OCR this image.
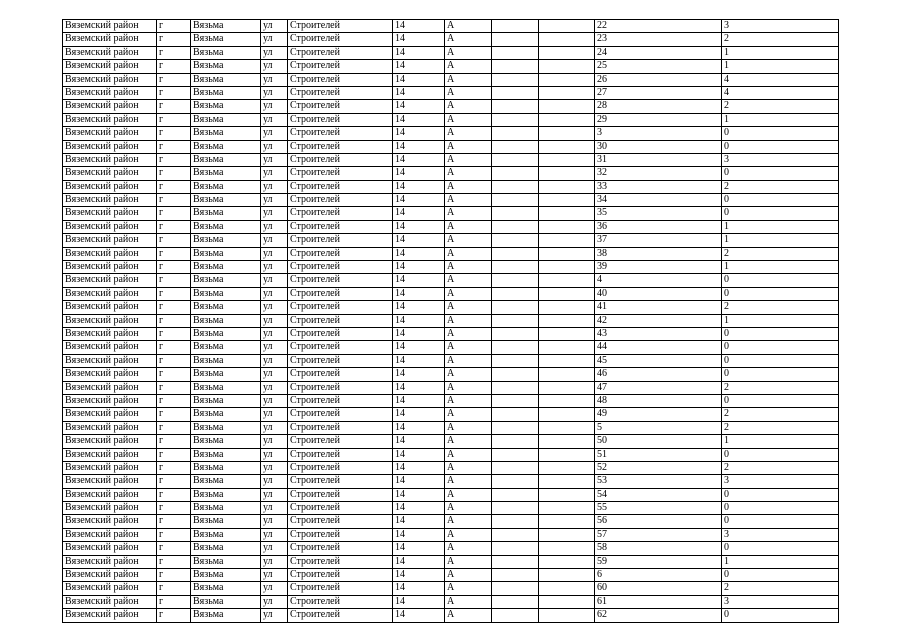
Вяземский район	г	Вязьма	ул	Строителей	14	А			22	3
Вяземский район	г	Вязьма	ул	Строителей	14	А			23	2
Вяземский район	г	Вязьма	ул	Строителей	14	А			24	1
Вяземский район	г	Вязьма	ул	Строителей	14	А			25	1
Вяземский район	г	Вязьма	ул	Строителей	14	А			26	4
Вяземский район	г	Вязьма	ул	Строителей	14	А			27	4
Вяземский район	г	Вязьма	ул	Строителей	14	А			28	2
Вяземский район	г	Вязьма	ул	Строителей	14	А			29	1
Вяземский район	г	Вязьма	ул	Строителей	14	А			3	0
Вяземский район	г	Вязьма	ул	Строителей	14	А			30	0
Вяземский район	г	Вязьма	ул	Строителей	14	А			31	3
Вяземский район	г	Вязьма	ул	Строителей	14	А			32	0
Вяземский район	г	Вязьма	ул	Строителей	14	А			33	2
Вяземский район	г	Вязьма	ул	Строителей	14	А			34	0
Вяземский район	г	Вязьма	ул	Строителей	14	А			35	0
Вяземский район	г	Вязьма	ул	Строителей	14	А			36	1
Вяземский район	г	Вязьма	ул	Строителей	14	А			37	1
Вяземский район	г	Вязьма	ул	Строителей	14	А			38	2
Вяземский район	г	Вязьма	ул	Строителей	14	А			39	1
Вяземский район	г	Вязьма	ул	Строителей	14	А			4	0
Вяземский район	г	Вязьма	ул	Строителей	14	А			40	0
Вяземский район	г	Вязьма	ул	Строителей	14	А			41	2
Вяземский район	г	Вязьма	ул	Строителей	14	А			42	1
Вяземский район	г	Вязьма	ул	Строителей	14	А			43	0
Вяземский район	г	Вязьма	ул	Строителей	14	А			44	0
Вяземский район	г	Вязьма	ул	Строителей	14	А			45	0
Вяземский район	г	Вязьма	ул	Строителей	14	А			46	0
Вяземский район	г	Вязьма	ул	Строителей	14	А			47	2
Вяземский район	г	Вязьма	ул	Строителей	14	А			48	0
Вяземский район	г	Вязьма	ул	Строителей	14	А			49	2
Вяземский район	г	Вязьма	ул	Строителей	14	А			5	2
Вяземский район	г	Вязьма	ул	Строителей	14	А			50	1
Вяземский район	г	Вязьма	ул	Строителей	14	А			51	0
Вяземский район	г	Вязьма	ул	Строителей	14	А			52	2
Вяземский район	г	Вязьма	ул	Строителей	14	А			53	3
Вяземский район	г	Вязьма	ул	Строителей	14	А			54	0
Вяземский район	г	Вязьма	ул	Строителей	14	А			55	0
Вяземский район	г	Вязьма	ул	Строителей	14	А			56	0
Вяземский район	г	Вязьма	ул	Строителей	14	А			57	3
Вяземский район	г	Вязьма	ул	Строителей	14	А			58	0
Вяземский район	г	Вязьма	ул	Строителей	14	А			59	1
Вяземский район	г	Вязьма	ул	Строителей	14	А			6	0
Вяземский район	г	Вязьма	ул	Строителей	14	А			60	2
Вяземский район	г	Вязьма	ул	Строителей	14	А			61	3
Вяземский район	г	Вязьма	ул	Строителей	14	А			62	0
